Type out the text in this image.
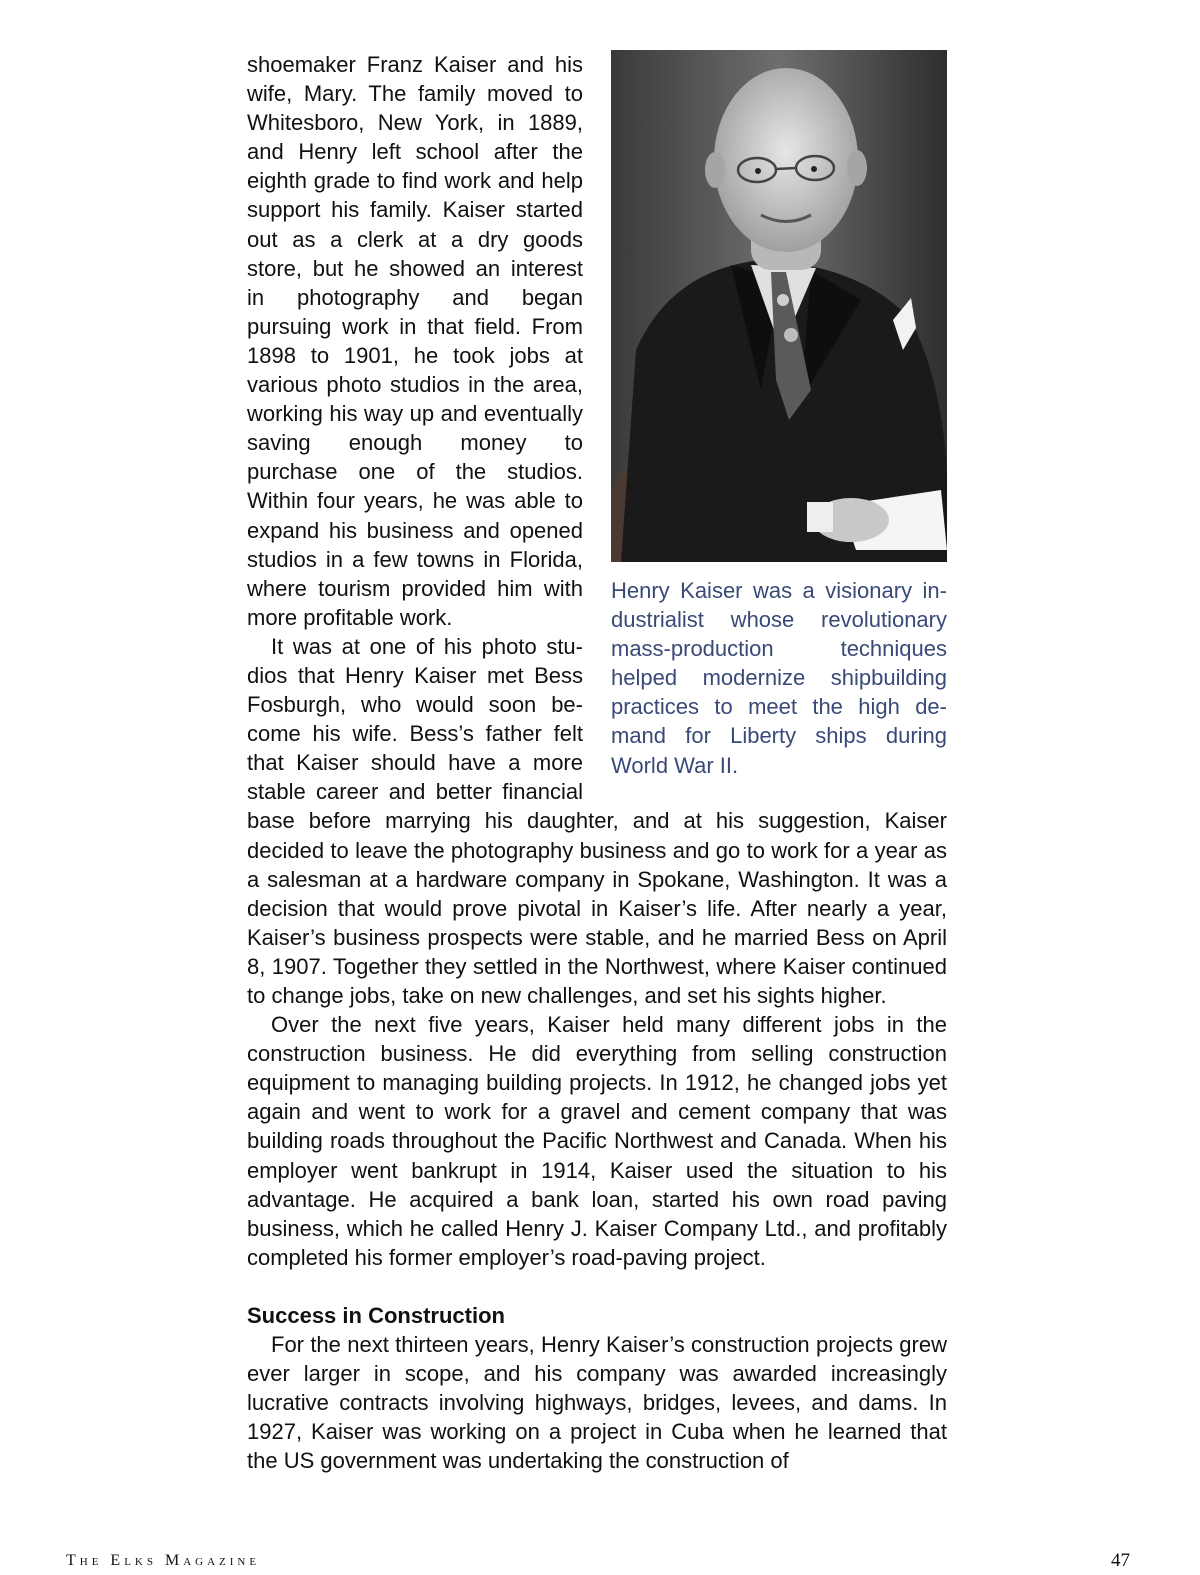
Henry Kaiser was a visionary industrialist whose revolutionary mass-production techniques helped modernize shipbuilding practices to meet the high demand for Liberty ships during World War II.

shoemaker Franz Kaiser and his wife, Mary. The family moved to Whitesboro, New York, in 1889, and Henry left school after the eighth grade to find work and help support his family. Kaiser started out as a clerk at a dry goods store, but he showed an interest in photography and began pursuing work in that field. From 1898 to 1901, he took jobs at various photo studios in the area, working his way up and eventually saving enough money to purchase one of the studios. Within four years, he was able to expand his business and opened studios in a few towns in Florida, where tourism provided him with more profitable work.

It was at one of his photo studios that Henry Kaiser met Bess Fosburgh, who would soon become his wife. Bess’s father felt that Kaiser should have a more stable career and better financial base before marrying his daughter, and at his suggestion, Kaiser decided to leave the photography business and go to work for a year as a salesman at a hardware company in Spokane, Washington. It was a decision that would prove pivotal in Kaiser’s life. After nearly a year, Kaiser’s business prospects were stable, and he married Bess on April 8, 1907. Together they settled in the Northwest, where Kaiser continued to change jobs, take on new challenges, and set his sights higher.

Over the next five years, Kaiser held many different jobs in the construction business. He did everything from selling construction equipment to managing building projects. In 1912, he changed jobs yet again and went to work for a gravel and cement company that was building roads throughout the Pacific Northwest and Canada. When his employer went bankrupt in 1914, Kaiser used the situation to his advantage. He acquired a bank loan, started his own road paving business, which he called Henry J. Kaiser Company Ltd., and profitably completed his former employer’s road-paving project.

Success in Construction

For the next thirteen years, Henry Kaiser’s construction projects grew ever larger in scope, and his company was awarded increasingly lucrative contracts involving highways, bridges, levees, and dams. In 1927, Kaiser was working on a project in Cuba when he learned that the US government was undertaking the construction of

The Elks Magazine	47
